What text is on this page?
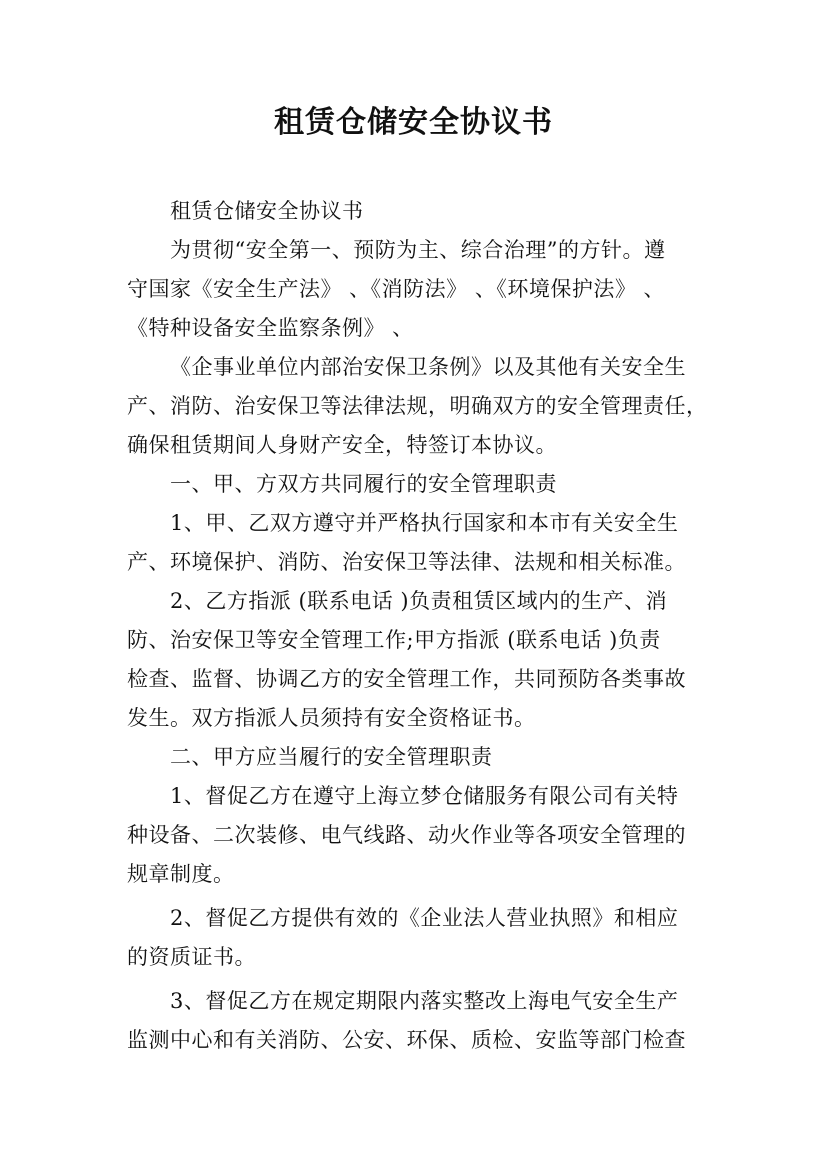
租赁仓储安全协议书
租赁仓储安全协议书
为贯彻“安全第一、预防为主、综合治理”的方针。遵
守国家《安全生产法》 、《消防法》 、《环境保护法》 、
《特种设备安全监察条例》 、
《企事业单位内部治安保卫条例》以及其他有关安全生
产、消防、治安保卫等法律法规，明确双方的安全管理责任，
确保租赁期间人身财产安全，特签订本协议。
一、甲、方双方共同履行的安全管理职责
1、甲、乙双方遵守并严格执行国家和本市有关安全生
产、环境保护、消防、治安保卫等法律、法规和相关标准。
2、乙方指派 (联系电话 )负责租赁区域内的生产、消
防、治安保卫等安全管理工作;甲方指派 (联系电话 )负责
检查、监督、协调乙方的安全管理工作，共同预防各类事故
发生。双方指派人员须持有安全资格证书。
二、甲方应当履行的安全管理职责
1、督促乙方在遵守上海立梦仓储服务有限公司有关特
种设备、二次装修、电气线路、动火作业等各项安全管理的
规章制度。
2、督促乙方提供有效的《企业法人营业执照》和相应
的资质证书。
3、督促乙方在规定期限内落实整改上海电气安全生产
监测中心和有关消防、公安、环保、质检、安监等部门检查
